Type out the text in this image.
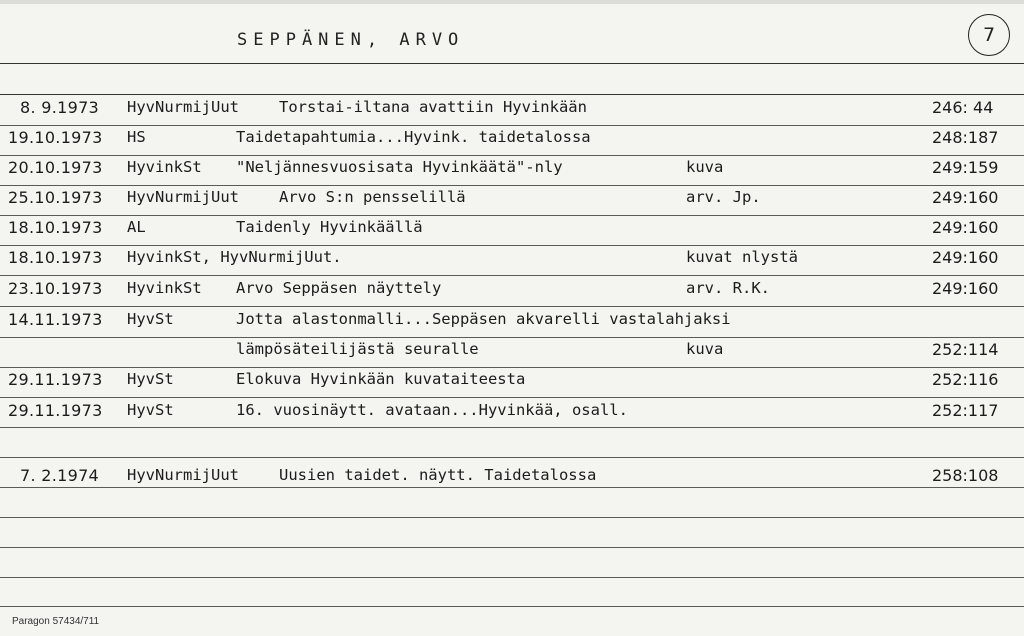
SEPPÄNEN, ARVO	7
8. 9.1973 HyvNurmijUut	Torstai-iltana avattiin Hyvinkään	246: 44
19.10.1973 HS	Taidetapahtumia...Hyvink. taidetalossa	248:187
20.10.1973 HyvinkSt "Neljännesvuosisata Hyvinkäätä"-nly	kuva	249:159
25.10.1973 HyvNurmijUut	Arvo S:n pensselillä	arv. Jp.	249:160
18.10.1973 AL	Taidenly Hyvinkäällä	249:160
18.10.1973 HyvinkSt, HyvNurmijUut.	kuvat nlystä	249:160
23.10.1973 HyvinkSt Arvo Seppäsen näyttely	arv. R.K.	249:160
14.11.1973 HyvSt	Jotta alastonmalli...Seppäsen akvarelli vastalahjaksi
lämpösäteilijästä seuralle	kuva	252:114
29.11.1973 HyvSt	Elokuva Hyvinkään kuvataiteesta	252:116
29.11.1973 HyvSt	16. vuosinäytt. avataan...Hyvinkää, osall.	252:117
7. 2.1974 HyvNurmijUut	Uusien taidet. näytt. Taidetalossa	258:108
Paragon 57434/711
